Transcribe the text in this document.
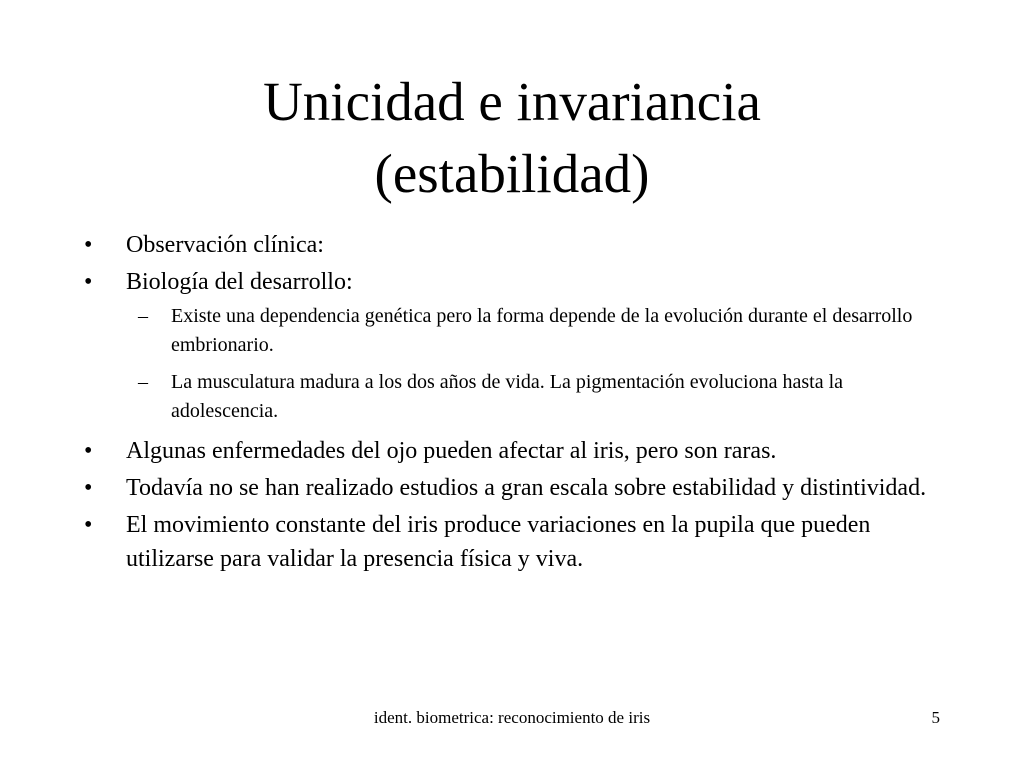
Unicidad e invariancia
(estabilidad)
•	Observación clínica:
•	Biología del desarrollo:
–	Existe una dependencia genética pero la forma depende de la evolución durante el desarrollo embrionario.
–	La musculatura madura a los dos años de vida. La pigmentación evoluciona hasta la adolescencia.
•	Algunas enfermedades del ojo pueden afectar al iris, pero son raras.
•	Todavía no se han realizado estudios a gran escala sobre estabilidad y distintividad.
•	El movimiento constante del iris produce variaciones en la pupila que pueden utilizarse para validar la presencia física y viva.
ident. biometrica: reconocimiento de iris	5
